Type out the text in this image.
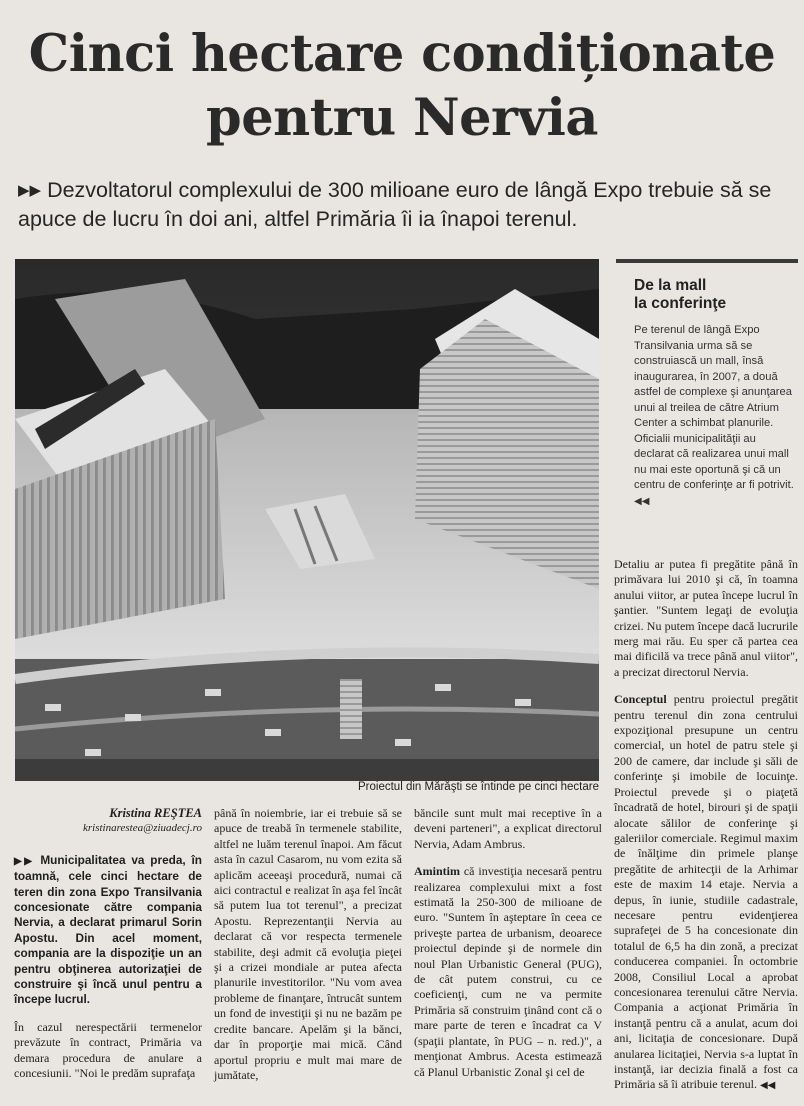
Cinci hectare condiționate
pentru Nervia
▶▶ Dezvoltatorul complexului de 300 milioane euro de lângă Expo trebuie să se apuce de lucru în doi ani, altfel Primăria îi ia înapoi terenul.
Proiectul din Mărăşti se întinde pe cinci hectare
De la mall
la conferinţe

Pe terenul de lângă Expo Transilvania urma să se construiască un mall, însă inaugurarea, în 2007, a două astfel de complexe şi anunţarea unui al treilea de către Atrium Center a schimbat planurile. Oficialii municipalităţii au declarat că realizarea unui mall nu mai este oportună şi că un centru de conferinţe ar fi potrivit. ◀◀

Kristina REŞTEA
kristinarestea@ziuadecj.ro

▶▶ Municipalitatea va preda, în toamnă, cele cinci hectare de teren din zona Expo Transilvania concesionate către compania Nervia, a declarat primarul Sorin Apostu. Din acel moment, compania are la dispoziţie un an pentru obţinerea autorizaţiei de construire şi încă unul pentru a începe lucrul.

În cazul nerespectării termenelor prevăzute în contract, Primăria va demara procedura de anulare a concesiunii. "Noi le predăm suprafaţa

până în noiembrie, iar ei trebuie să se apuce de treabă în termenele stabilite, altfel ne luăm terenul înapoi. Am făcut asta în cazul Casarom, nu vom ezita să aplicăm aceeaşi procedură, numai că aici contractul e realizat în aşa fel încât să putem lua tot terenul", a precizat Apostu. Reprezentanţii Nervia au declarat că vor respecta termenele stabilite, deşi admit că evoluţia pieţei şi a crizei mondiale ar putea afecta planurile investitorilor. "Nu vom avea probleme de finanţare, întrucât suntem un fond de investiţii şi nu ne bazăm pe credite bancare. Apelăm şi la bănci, dar în proporţie mai mică. Când aportul propriu e mult mai mare de jumătate,

băncile sunt mult mai receptive în a deveni parteneri", a explicat directorul Nervia, Adam Ambrus.

Amintim că investiţia necesară pentru realizarea complexului mixt a fost estimată la 250-300 de milioane de euro. "Suntem în aşteptare în ceea ce priveşte partea de urbanism, deoarece proiectul depinde şi de normele din noul Plan Urbanistic General (PUG), de cât putem construi, cu ce coeficienţi, cum ne va permite Primăria să construim ţinând cont că o mare parte de teren e încadrat ca V (spaţii plantate, în PUG – n. red.)", a menţionat Ambrus. Acesta estimează că Planul Urbanistic Zonal şi cel de

Detaliu ar putea fi pregătite până în primăvara lui 2010 şi că, în toamna anului viitor, ar putea începe lucrul în şantier. "Suntem legaţi de evoluţia crizei. Nu putem începe dacă lucrurile merg mai rău. Eu sper că partea cea mai dificilă va trece până anul viitor", a precizat directorul Nervia.

Conceptul pentru proiectul pregătit pentru terenul din zona centrului expoziţional presupune un centru comercial, un hotel de patru stele şi 200 de camere, dar include şi săli de conferinţe şi imobile de locuinţe. Proiectul prevede şi o piaţetă încadrată de hotel, birouri şi de spaţii alocate sălilor de conferinţe şi galeriilor comerciale. Regimul maxim de înălţime din primele planşe pregătite de arhitecţii de la Arhimar este de maxim 14 etaje. Nervia a depus, în iunie, studiile cadastrale, necesare pentru evidenţierea suprafeţei de 5 ha concesionate din totalul de 6,5 ha din zonă, a precizat conducerea companiei. În octombrie 2008, Consiliul Local a aprobat concesionarea terenului către Nervia. Compania a acţionat Primăria în instanţă pentru că a anulat, acum doi ani, licitaţia de concesionare. După anularea licitaţiei, Nervia s-a luptat în instanţă, iar decizia finală a fost ca Primăria să îi atribuie terenul. ◀◀
